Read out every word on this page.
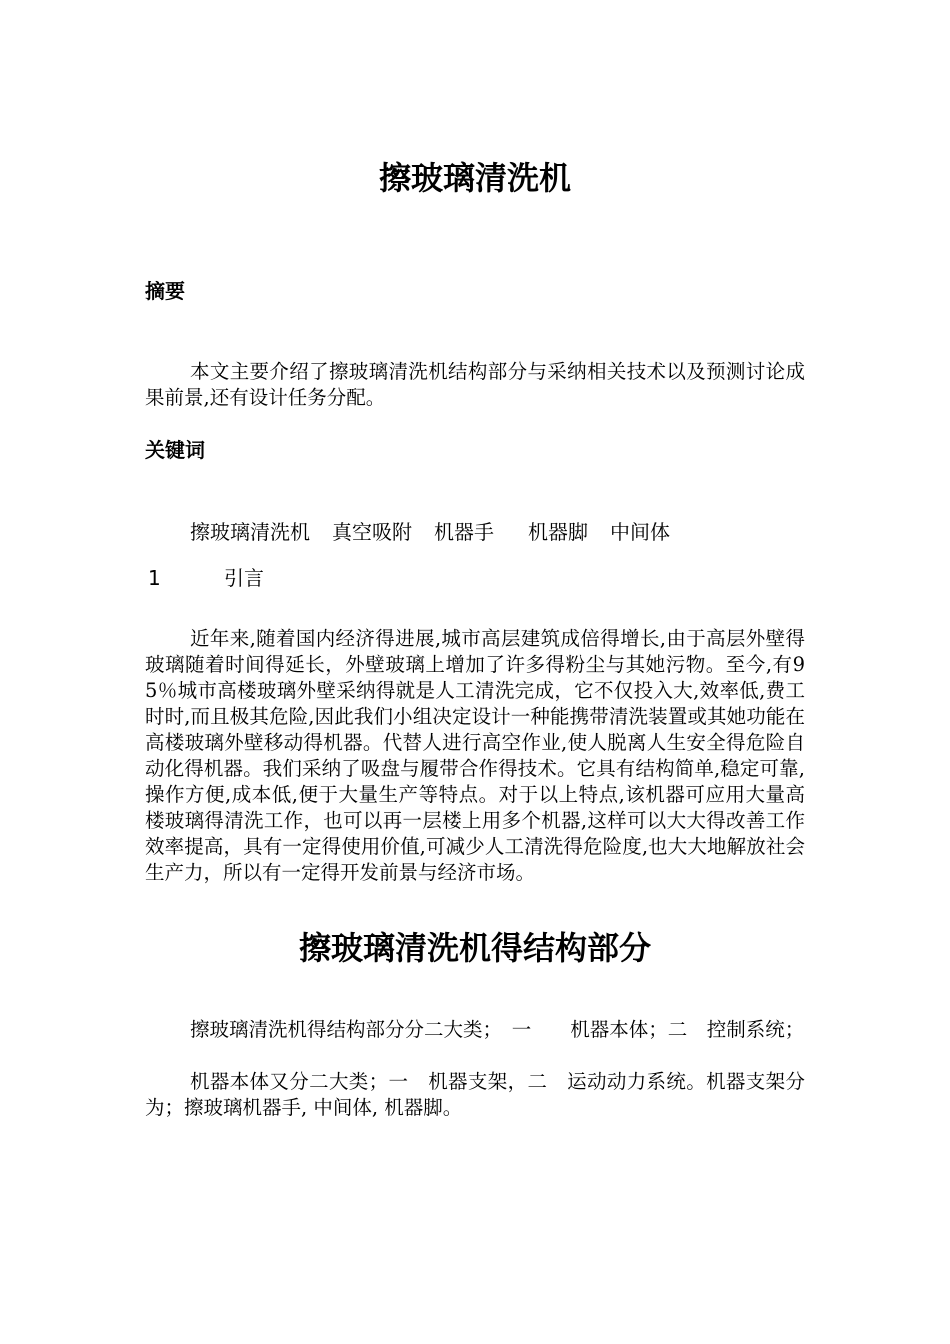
擦玻璃清洗机
摘要

本文主要介绍了擦玻璃清洗机结构部分与采纳相关技术以及预测讨论成果前景,还有设计任务分配。

关键词
擦玻璃清洗机 真空吸附 机器手 机器脚 中间体
1	引言

近年来,随着国内经济得进展,城市高层建筑成倍得增长,由于高层外壁得玻璃随着时间得延长，外壁玻璃上增加了许多得粉尘与其她污物。至今,有95％城市高楼玻璃外壁采纳得就是人工清洗完成，它不仅投入大,效率低,费工时时,而且极其危险,因此我们小组决定设计一种能携带清洗装置或其她功能在高楼玻璃外壁移动得机器。代替人进行高空作业,使人脱离人生安全得危险自动化得机器。我们采纳了吸盘与履带合作得技术。它具有结构简单,稳定可靠,操作方便,成本低,便于大量生产等特点。对于以上特点,该机器可应用大量高楼玻璃得清洗工作，也可以再一层楼上用多个机器,这样可以大大得改善工作效率提高，具有一定得使用价值,可减少人工清洗得危险度,也大大地解放社会生产力，所以有一定得开发前景与经济市场。

擦玻璃清洗机得结构部分

擦玻璃清洗机得结构部分分二大类；　一　　机器本体；二　控制系统；

机器本体又分二大类；一　机器支架，二　运动动力系统。机器支架分为；擦玻璃机器手, 中间体, 机器脚。
